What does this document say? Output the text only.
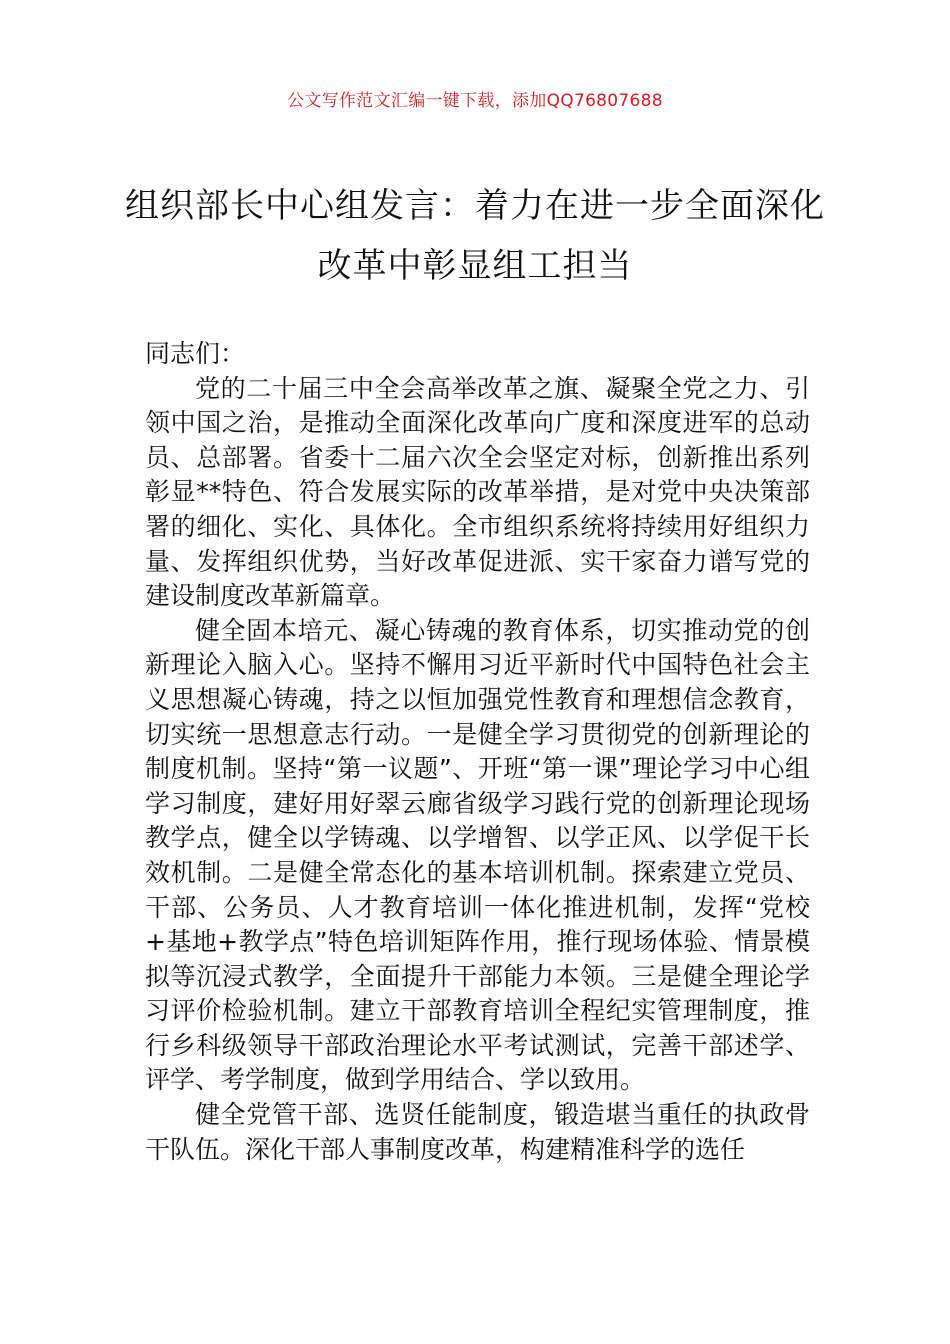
公文写作范文汇编一键下载，添加QQ76807688
组织部长中心组发言：着力在进一步全面深化改革中彰显组工担当

同志们：

党的二十届三中全会高举改革之旗、凝聚全党之力、引领中国之治，是推动全面深化改革向广度和深度进军的总动员、总部署。省委十二届六次全会坚定对标，创新推出系列彰显**特色、符合发展实际的改革举措，是对党中央决策部署的细化、实化、具体化。全市组织系统将持续用好组织力量、发挥组织优势，当好改革促进派、实干家奋力谱写党的建设制度改革新篇章。

健全固本培元、凝心铸魂的教育体系，切实推动党的创新理论入脑入心。坚持不懈用习近平新时代中国特色社会主义思想凝心铸魂，持之以恒加强党性教育和理想信念教育，切实统一思想意志行动。一是健全学习贯彻党的创新理论的制度机制。坚持“第一议题”、开班“第一课”理论学习中心组学习制度，建好用好翠云廊省级学习践行党的创新理论现场教学点，健全以学铸魂、以学增智、以学正风、以学促干长效机制。二是健全常态化的基本培训机制。探索建立党员、干部、公务员、人才教育培训一体化推进机制，发挥“党校+基地+教学点”特色培训矩阵作用，推行现场体验、情景模拟等沉浸式教学，全面提升干部能力本领。三是健全理论学习评价检验机制。建立干部教育培训全程纪实管理制度，推行乡科级领导干部政治理论水平考试测试，完善干部述学、评学、考学制度，做到学用结合、学以致用。

健全党管干部、选贤任能制度，锻造堪当重任的执政骨干队伍。深化干部人事制度改革，构建精准科学的选任
